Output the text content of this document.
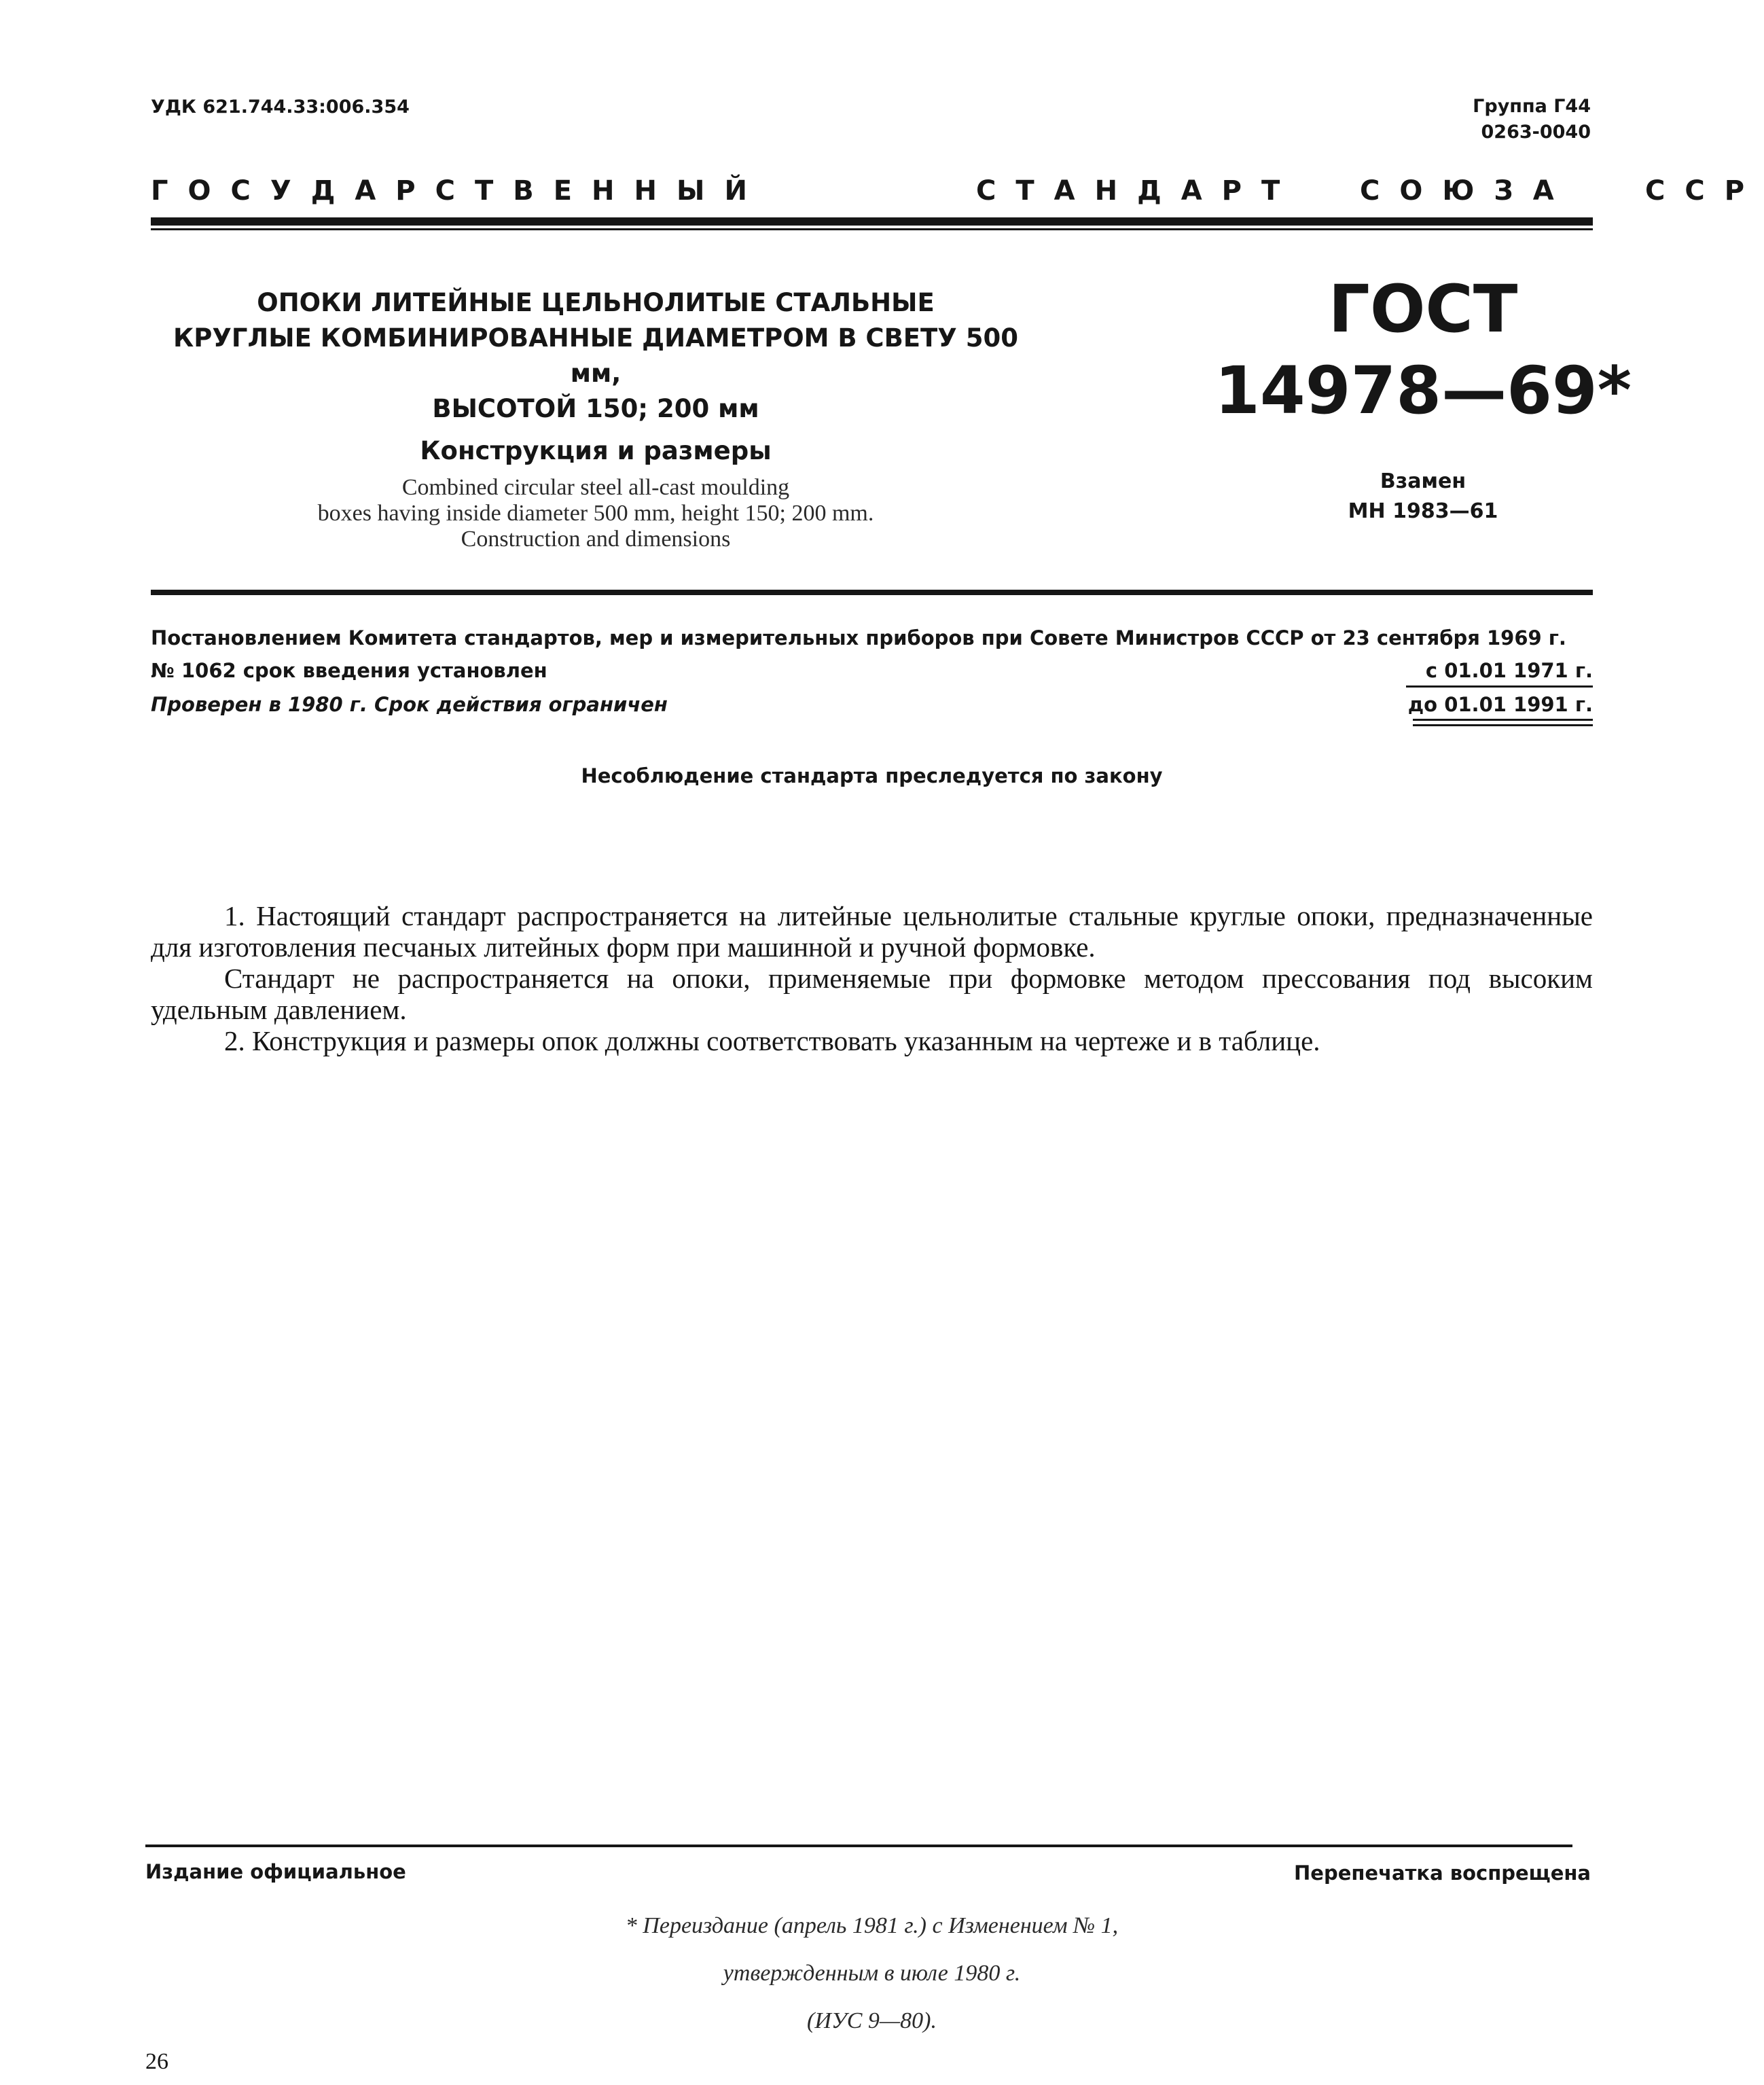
УДК 621.744.33:006.354	Группа Г44
0263-0040
ГОСУДАРСТВЕННЫЙ	СТАНДАРТ СОЮЗА	ССР
ОПОКИ ЛИТЕЙНЫЕ ЦЕЛЬНОЛИТЫЕ СТАЛЬНЫЕ
КРУГЛЫЕ КОМБИНИРОВАННЫЕ ДИАМЕТРОМ В СВЕТУ 500 мм,
ВЫСОТОЙ 150; 200 мм
Конструкция и размеры
Combined circular steel all-cast moulding
boxes having inside diameter 500 mm, height 150; 200 mm.
Construction and dimensions
ГОСТ
14978—69*
Взамен
МН 1983—61
Постановлением Комитета стандартов, мер и измерительных приборов при Совете Министров СССР от 23 сентября 1969 г.
№ 1062 срок введения установлен	с 01.01 1971 г.
Проверен в 1980 г. Срок действия ограничен	до 01.01 1991 г.
Несоблюдение стандарта преследуется по закону

1. Настоящий стандарт распространяется на литейные цельнолитые стальные круглые опоки, предназначенные для изготовления песчаных литейных форм при машинной и ручной формовке.

Стандарт не распространяется на опоки, применяемые при формовке методом прессования под высоким удельным давлением.

2. Конструкция и размеры опок должны соответствовать указанным на чертеже и в таблице.

Издание официальное	Перепечатка воспрещена
* Переиздание (апрель 1981 г.) с Изменением № 1,
утвержденным в июле 1980 г.
(ИУС 9—80).
26
